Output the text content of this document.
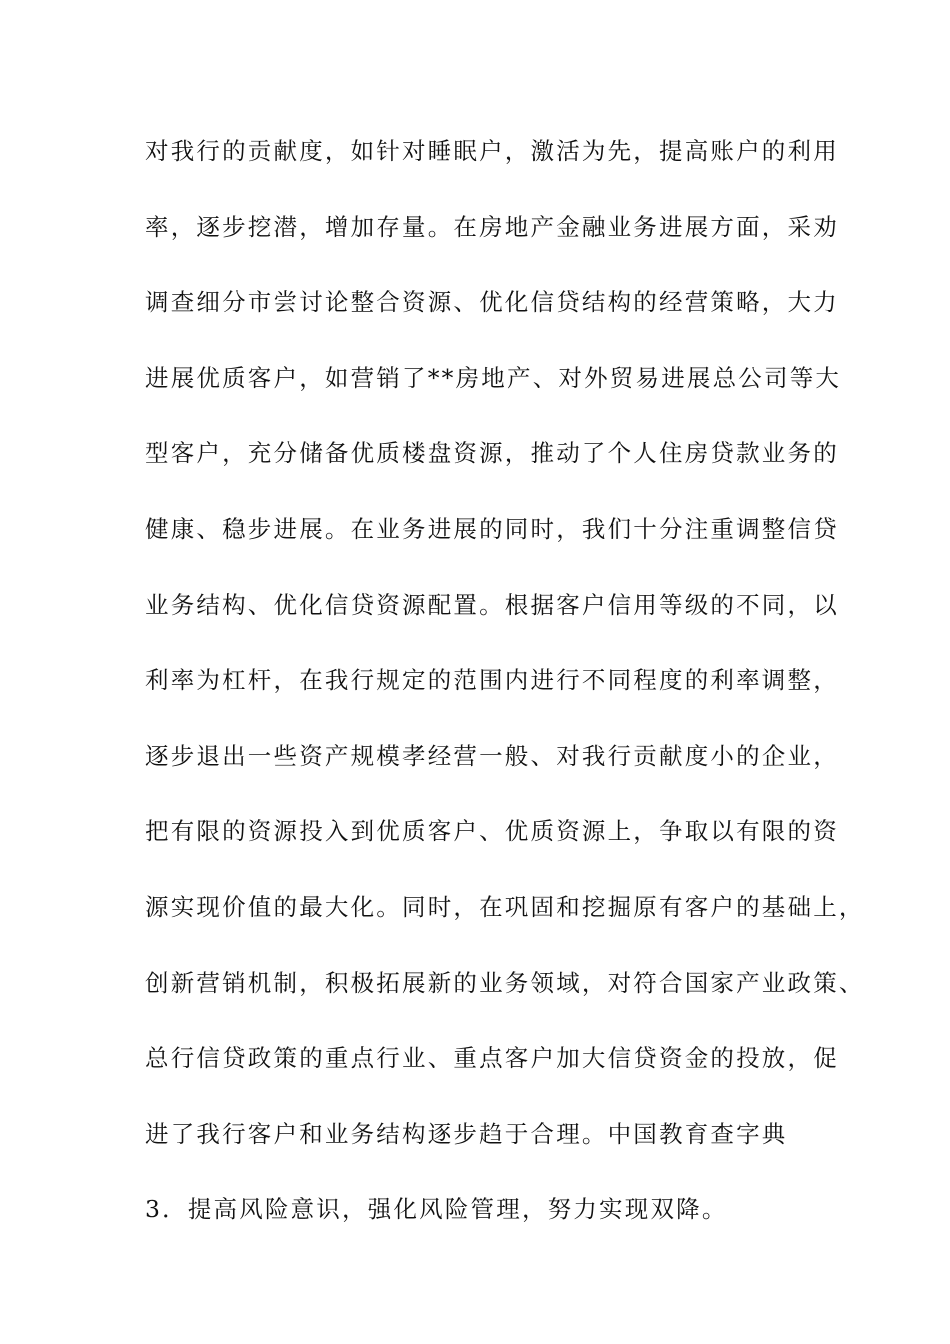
对我行的贡献度，如针对睡眠户，激活为先，提高账户的利用
率，逐步挖潜，增加存量。在房地产金融业务进展方面，采劝
调查细分市尝讨论整合资源、优化信贷结构的经营策略，大力
进展优质客户，如营销了**房地产、对外贸易进展总公司等大
型客户，充分储备优质楼盘资源，推动了个人住房贷款业务的
健康、稳步进展。在业务进展的同时，我们十分注重调整信贷
业务结构、优化信贷资源配置。根据客户信用等级的不同，以
利率为杠杆，在我行规定的范围内进行不同程度的利率调整，
逐步退出一些资产规模孝经营一般、对我行贡献度小的企业，
把有限的资源投入到优质客户、优质资源上，争取以有限的资
源实现价值的最大化。同时，在巩固和挖掘原有客户的基础上，
创新营销机制，积极拓展新的业务领域，对符合国家产业政策、
总行信贷政策的重点行业、重点客户加大信贷资金的投放，促
进了我行客户和业务结构逐步趋于合理。中国教育查字典
3．提高风险意识，强化风险管理，努力实现双降。
